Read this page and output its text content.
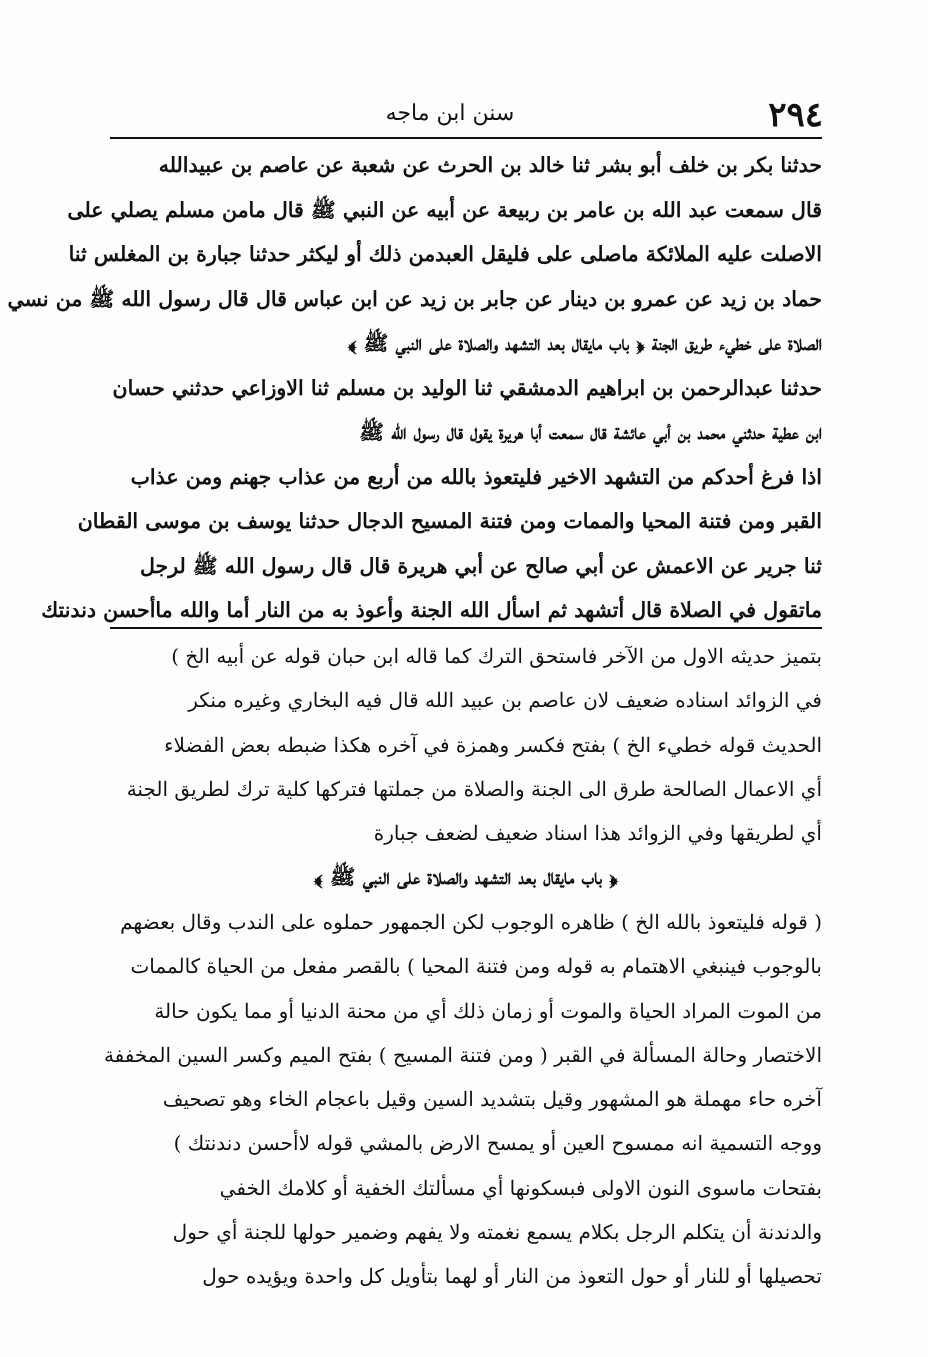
٢٩٤
سنن ابن ماجه
حدثنا بكر بن خلف أبو بشر ثنا خالد بن الحرث عن شعبة عن عاصم بن عبيدالله
قال سمعت عبد الله بن عامر بن ربيعة عن أبيه عن النبي ﷺ قال مامن مسلم يصلي على
الاصلت عليه الملائكة ماصلى على فليقل العبدمن ذلك أو ليكثر حدثنا جبارة بن المغلس ثنا
حماد بن زيد عن عمرو بن دينار عن جابر بن زيد عن ابن عباس قال قال رسول الله ﷺ من نسي
الصلاة على خطيء طريق الجنة ﴿ باب مايقال بعد التشهد والصلاة على النبي ﷺ ﴾
حدثنا عبدالرحمن بن ابراهيم الدمشقي ثنا الوليد بن مسلم ثنا الاوزاعي حدثني حسان
ابن عطية حدثني محمد بن أبي عائشة قال سمعت أبا هريرة يقول قال رسول الله ﷺ
اذا فرغ أحدكم من التشهد الاخير فليتعوذ بالله من أربع من عذاب جهنم ومن عذاب
القبر ومن فتنة المحيا والممات ومن فتنة المسيح الدجال حدثنا يوسف بن موسى القطان
ثنا جرير عن الاعمش عن أبي صالح عن أبي هريرة قال قال رسول الله ﷺ لرجل
ماتقول في الصلاة قال أتشهد ثم اسأل الله الجنة وأعوذ به من النار أما والله ماأحسن دندنتك
بتميز حديثه الاول من الآخر فاستحق الترك كما قاله ابن حبان قوله عن أبيه الخ )
في الزوائد اسناده ضعيف لان عاصم بن عبيد الله قال فيه البخاري وغيره منكر
الحديث قوله خطيء الخ ) بفتح فكسر وهمزة في آخره هكذا ضبطه بعض الفضلاء
أي الاعمال الصالحة طرق الى الجنة والصلاة من جملتها فتركها كلية ترك لطريق الجنة
أي لطريقها وفي الزوائد هذا اسناد ضعيف لضعف جبارة
﴿ باب مايقال بعد التشهد والصلاة على النبي ﷺ ﴾
( قوله فليتعوذ بالله الخ ) ظاهره الوجوب لكن الجمهور حملوه على الندب وقال بعضهم
بالوجوب فينبغي الاهتمام به قوله ومن فتنة المحيا ) بالقصر مفعل من الحياة كالممات
من الموت المراد الحياة والموت أو زمان ذلك أي من محنة الدنيا أو مما يكون حالة
الاختصار وحالة المسألة في القبر ( ومن فتنة المسيح ) بفتح الميم وكسر السين المخففة
آخره حاء مهملة هو المشهور وقيل بتشديد السين وقيل باعجام الخاء وهو تصحيف
ووجه التسمية انه ممسوح العين أو يمسح الارض بالمشي قوله لاأحسن دندنتك )
بفتحات ماسوى النون الاولى فبسكونها أي مسألتك الخفية أو كلامك الخفي
والدندنة أن يتكلم الرجل بكلام يسمع نغمته ولا يفهم وضمير حولها للجنة أي حول
تحصيلها أو للنار أو حول التعوذ من النار أو لهما بتأويل كل واحدة ويؤيده حول
